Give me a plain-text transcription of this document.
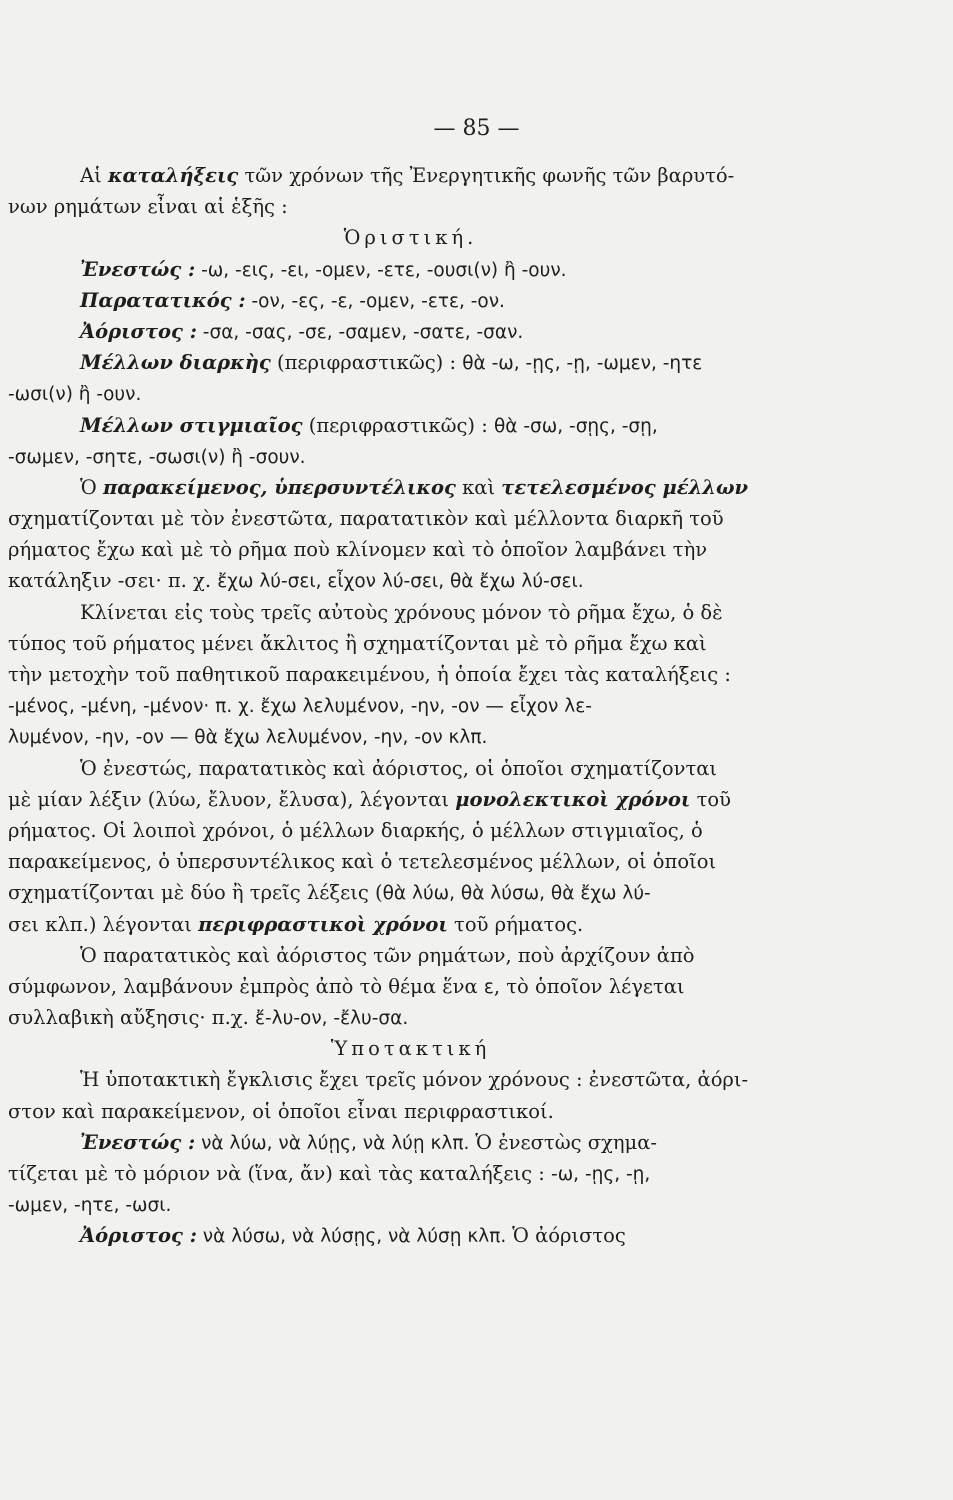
— 85 —
Αἱ καταλήξεις τῶν χρόνων τῆς Ἐνεργητικῆς φωνῆς τῶν βαρυτό-
νων ρημάτων εἶναι αἱ ἑξῆς :
Ὁριστική.
Ἐνεστώς : -ω, -εις, -ει, -ομεν, -ετε, -ουσι(ν) ἢ -ουν.
Παρατατικός : -ον, -ες, -ε, -ομεν, -ετε, -ον.
Ἀόριστος : -σα, -σας, -σε, -σαμεν, -σατε, -σαν.
Μέλλων διαρκὴς (περιφραστικῶς) : θὰ -ω, -ῃς, -ῃ, -ωμεν, -ητε
-ωσι(ν) ἢ -ουν.
Μέλλων στιγμιαῖος (περιφραστικῶς) : θὰ -σω, -σῃς, -σῃ,
-σωμεν, -σητε, -σωσι(ν) ἢ -σουν.
Ὁ παρακείμενος, ὑπερσυντέλικος καὶ τετελεσμένος μέλλων
σχηματίζονται μὲ τὸν ἐνεστῶτα, παρατατικὸν καὶ μέλλοντα διαρκῆ τοῦ
ρήματος ἔχω καὶ μὲ τὸ ρῆμα ποὺ κλίνομεν καὶ τὸ ὁποῖον λαμβάνει τὴν
κατάληξιν -σει· π. χ. ἔχω λύ-σει, εἶχον λύ-σει, θὰ ἔχω λύ-σει.
Κλίνεται εἰς τοὺς τρεῖς αὐτοὺς χρόνους μόνον τὸ ρῆμα ἔχω, ὁ δὲ
τύπος τοῦ ρήματος μένει ἄκλιτος ἢ σχηματίζονται μὲ τὸ ρῆμα ἔχω καὶ
τὴν μετοχὴν τοῦ παθητικοῦ παρακειμένου, ἡ ὁποία ἔχει τὰς καταλήξεις :
-μένος, -μένη, -μένον· π. χ. ἔχω λελυμένον, -ην, -ον — εἶχον λε-
λυμένον, -ην, -ον — θὰ ἔχω λελυμένον, -ην, -ον κλπ.
Ὁ ἐνεστώς, παρατατικὸς καὶ ἀόριστος, οἱ ὁποῖοι σχηματίζονται
μὲ μίαν λέξιν (λύω, ἔλυον, ἔλυσα), λέγονται μονολεκτικοὶ χρόνοι τοῦ
ρήματος. Οἱ λοιποὶ χρόνοι, ὁ μέλλων διαρκής, ὁ μέλλων στιγμιαῖος, ὁ
παρακείμενος, ὁ ὑπερσυντέλικος καὶ ὁ τετελεσμένος μέλλων, οἱ ὁποῖοι
σχηματίζονται μὲ δύο ἢ τρεῖς λέξεις (θὰ λύω, θὰ λύσω, θὰ ἔχω λύ-
σει κλπ.) λέγονται περιφραστικοὶ χρόνοι τοῦ ρήματος.
Ὁ παρατατικὸς καὶ ἀόριστος τῶν ρημάτων, ποὺ ἀρχίζουν ἀπὸ
σύμφωνον, λαμβάνουν ἐμπρὸς ἀπὸ τὸ θέμα ἕνα ε, τὸ ὁποῖον λέγεται
συλλαβικὴ αὔξησις· π.χ. ἔ-λυ-ον, -ἔλυ-σα.
Ὑποτακτική
Ἡ ὑποτακτικὴ ἔγκλισις ἔχει τρεῖς μόνον χρόνους : ἐνεστῶτα, ἀόρι-
στον καὶ παρακείμενον, οἱ ὁποῖοι εἶναι περιφραστικοί.
Ἐνεστώς : νὰ λύω, νὰ λύῃς, νὰ λύῃ κλπ. Ὁ ἐνεστὼς σχημα-
τίζεται μὲ τὸ μόριον νὰ (ἵνα, ἄν) καὶ τὰς καταλήξεις : -ω, -ῃς, -ῃ,
-ωμεν, -ητε, -ωσι.
Ἀόριστος : νὰ λύσω, νὰ λύσῃς, νὰ λύσῃ κλπ. Ὁ ἀόριστος
